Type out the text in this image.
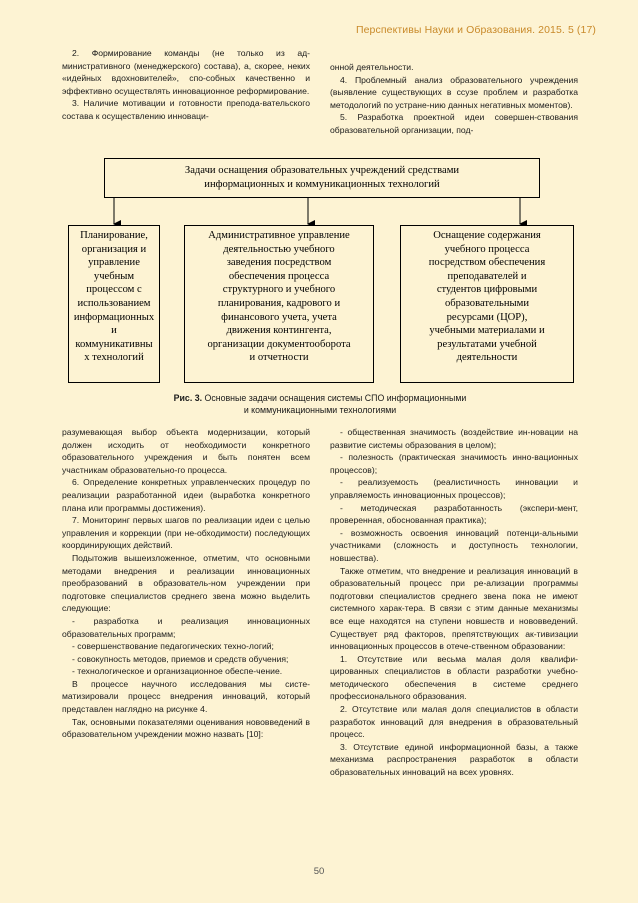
Перспективы Науки и Образования. 2015. 5 (17)

2. Формирование команды (не только из ад-министративного (менеджерского) состава), а, скорее, неких «идейных вдохновителей», спо-собных качественно и эффективно осуществлять инновационное реформирование.

3. Наличие мотивации и готовности препода-вательского состава к осуществлению инноваци-

онной деятельности.

4. Проблемный анализ образовательного учреждения (выявление существующих в ссузе проблем и разработка методологий по устране-нию данных негативных моментов).

5. Разработка проектной идеи совершен-ствования образовательной организации, под-

Задачи оснащения образовательных учреждений средствами
информационных и коммуникационных технологий
Планирование,
организация и
управление
учебным
процессом с
использованием
информационных
и
коммуникативны
х технологий
Административное управление
деятельностью учебного
заведения посредством
обеспечения процесса
структурного и учебного
планирования, кадрового и
финансового учета, учета
движения контингента,
организации документооборота
и отчетности
Оснащение содержания
учебного процесса
посредством обеспечения
преподавателей и
студентов цифровыми
образовательными
ресурсами (ЦОР),
учебными материалами и
результатами учебной
деятельности
Рис. 3. Основные задачи оснащения системы СПО информационными
и коммуникационными технологиями

разумевающая выбор объекта модернизации, который должен исходить от необходимости конкретного образовательного учреждения и быть понятен всем участникам образовательно-го процесса.

6. Определение конкретных управленческих процедур по реализации разработанной идеи (выработка конкретного плана или программы достижения).

7. Мониторинг первых шагов по реализации идеи с целью управления и коррекции (при не-обходимости) последующих координирующих действий.

Подытожив вышеизложенное, отметим, что основными методами внедрения и реализации инновационных преобразований в образователь-ном учреждении при подготовке специалистов среднего звена можно выделить следующие:

- разработка и реализация инновационных образовательных программ;

- совершенствование педагогических техно-логий;

- совокупность методов, приемов и средств обучения;

- технологическое и организационное обеспе-чение.

В процессе научного исследования мы систе-матизировали процесс внедрения инноваций, который представлен наглядно на рисунке 4.

Так, основными показателями оценивания нововведений в образовательном учреждении можно назвать [10]:

- общественная значимость (воздействие ин-новации на развитие системы образования в целом);

- полезность (практическая значимость инно-вационных процессов);

- реализуемость (реалистичность инновации и управляемость инновационных процессов);

- методическая разработанность (экспери-мент, проверенная, обоснованная практика);

- возможность освоения инноваций потенци-альными участниками (сложность и доступность технологии, новшества).

Также отметим, что внедрение и реализация инноваций в образовательный процесс при ре-ализации программы подготовки специалистов среднего звена пока не имеют системного харак-тера. В связи с этим данные механизмы все еще находятся на ступени новшеств и нововведений. Существует ряд факторов, препятствующих ак-тивизации инновационных процессов в отече-ственном образовании:

1. Отсутствие или весьма малая доля квалифи-цированных специалистов в области разработки учебно-методического обеспечения в системе среднего профессионального образования.

2. Отсутствие или малая доля специалистов в области разработок инноваций для внедрения в образовательный процесс.

3. Отсутствие единой информационной базы, а также механизма распространения разработок в области образовательных инноваций на всех уровнях.

50
